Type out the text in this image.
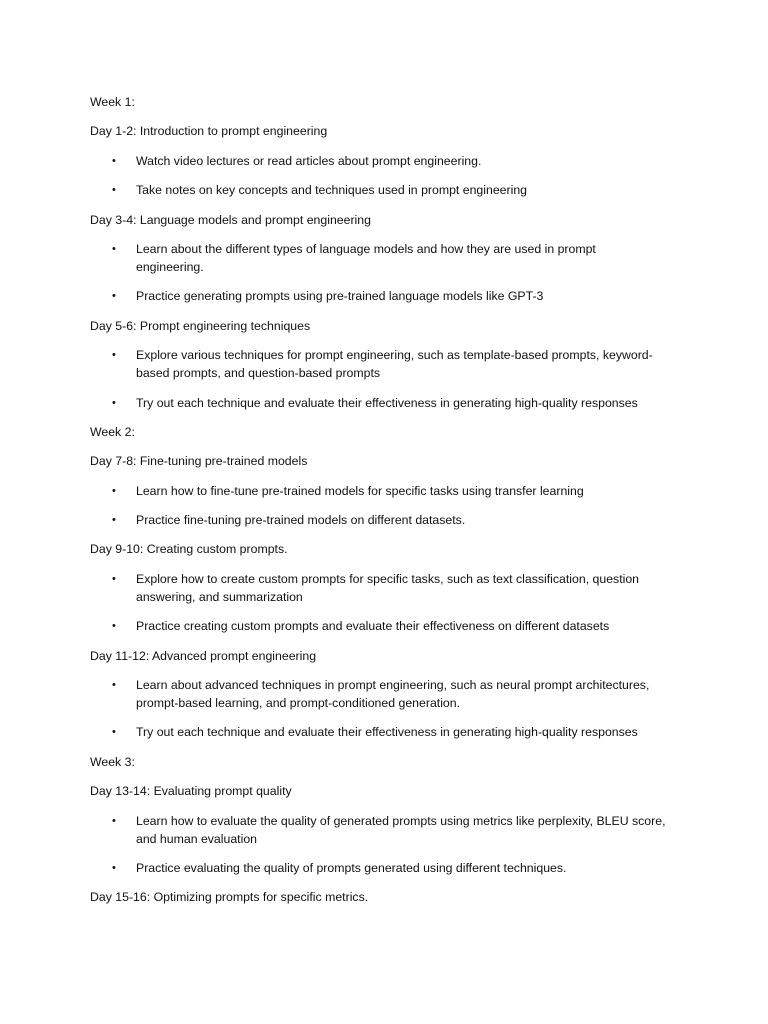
Week 1:
Day 1-2: Introduction to prompt engineering
• Watch video lectures or read articles about prompt engineering.
• Take notes on key concepts and techniques used in prompt engineering
Day 3-4: Language models and prompt engineering
• Learn about the different types of language models and how they are used in prompt engineering.
• Practice generating prompts using pre-trained language models like GPT-3
Day 5-6: Prompt engineering techniques
• Explore various techniques for prompt engineering, such as template-based prompts, keyword-based prompts, and question-based prompts
• Try out each technique and evaluate their effectiveness in generating high-quality responses
Week 2:
Day 7-8: Fine-tuning pre-trained models
• Learn how to fine-tune pre-trained models for specific tasks using transfer learning
• Practice fine-tuning pre-trained models on different datasets.
Day 9-10: Creating custom prompts.
• Explore how to create custom prompts for specific tasks, such as text classification, question answering, and summarization
• Practice creating custom prompts and evaluate their effectiveness on different datasets
Day 11-12: Advanced prompt engineering
• Learn about advanced techniques in prompt engineering, such as neural prompt architectures, prompt-based learning, and prompt-conditioned generation.
• Try out each technique and evaluate their effectiveness in generating high-quality responses
Week 3:
Day 13-14: Evaluating prompt quality
• Learn how to evaluate the quality of generated prompts using metrics like perplexity, BLEU score, and human evaluation
• Practice evaluating the quality of prompts generated using different techniques.
Day 15-16: Optimizing prompts for specific metrics.
